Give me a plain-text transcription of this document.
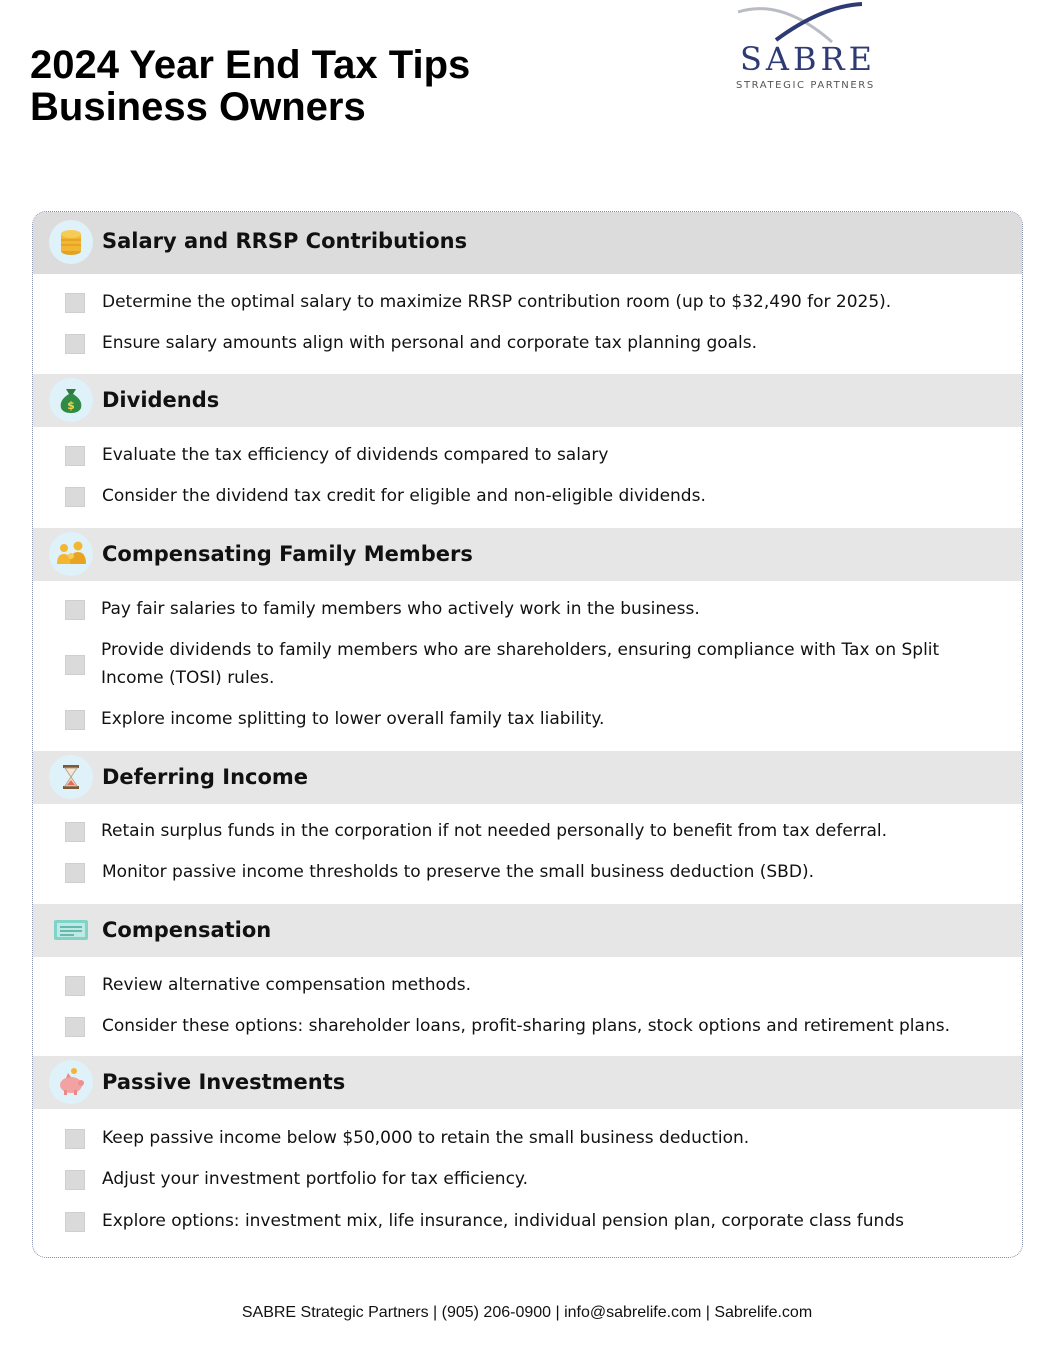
2024 Year End Tax Tips
Business Owners
SABRE
STRATEGIC PARTNERS
Salary and RRSP Contributions
Determine the optimal salary to maximize RRSP contribution room (up to $32,490 for 2025).
Ensure salary amounts align with personal and corporate tax planning goals.
$ Dividends
Evaluate the tax efficiency of dividends compared to salary
Consider the dividend tax credit for eligible and non-eligible dividends.
Compensating Family Members
Pay fair salaries to family members who actively work in the business.
Provide dividends to family members who are shareholders, ensuring compliance with Tax on Split Income (TOSI) rules.
Explore income splitting to lower overall family tax liability.
Deferring Income
Retain surplus funds in the corporation if not needed personally to benefit from tax deferral.
Monitor passive income thresholds to preserve the small business deduction (SBD).
Compensation
Review alternative compensation methods.
Consider these options: shareholder loans, profit-sharing plans, stock options and retirement plans.
Passive Investments
Keep passive income below $50,000 to retain the small business deduction.
Adjust your investment portfolio for tax efficiency.
Explore options: investment mix, life insurance, individual pension plan, corporate class funds
SABRE Strategic Partners | (905) 206-0900 | info@sabrelife.com | Sabrelife.com
